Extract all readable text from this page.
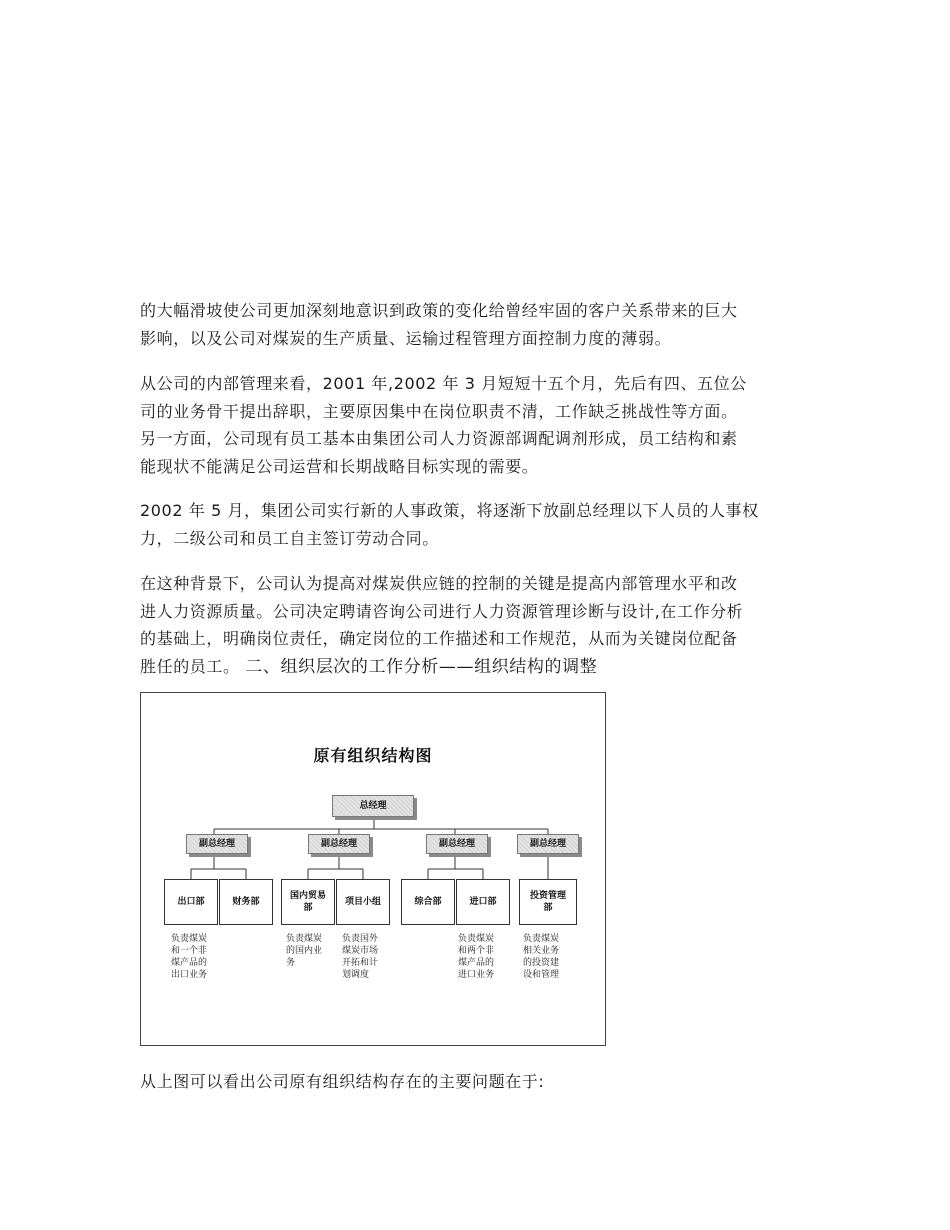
的大幅滑坡使公司更加深刻地意识到政策的变化给曾经牢固的客户关系带来的巨大
影响，以及公司对煤炭的生产质量、运输过程管理方面控制力度的薄弱。

从公司的内部管理来看，2001 年,2002 年 3 月短短十五个月，先后有四、五位公
司的业务骨干提出辞职，主要原因集中在岗位职责不清，工作缺乏挑战性等方面。
另一方面，公司现有员工基本由集团公司人力资源部调配调剂形成，员工结构和素
能现状不能满足公司运营和长期战略目标实现的需要。

2002 年 5 月，集团公司实行新的人事政策，将逐渐下放副总经理以下人员的人事权
力，二级公司和员工自主签订劳动合同。

在这种背景下，公司认为提高对煤炭供应链的控制的关键是提高内部管理水平和改
进人力资源质量。公司决定聘请咨询公司进行人力资源管理诊断与设计,在工作分析
的基础上，明确岗位责任，确定岗位的工作描述和工作规范，从而为关键岗位配备
胜任的员工。 二、组织层次的工作分析——组织结构的调整

原有组织结构图
总经理
副总经理	副总经理	副总经理	副总经理
出口部	财务部
国内贸易部
项目小组	综合部	进口部
投资管理部
负责煤炭
和一个非
煤产品的
出口业务
负责煤炭
的国内业
务
负责国外
煤炭市场
开拓和计
划调度
负责煤炭
和两个非
煤产品的
进口业务
负责煤炭
相关业务
的投资建
设和管理

从上图可以看出公司原有组织结构存在的主要问题在于:
